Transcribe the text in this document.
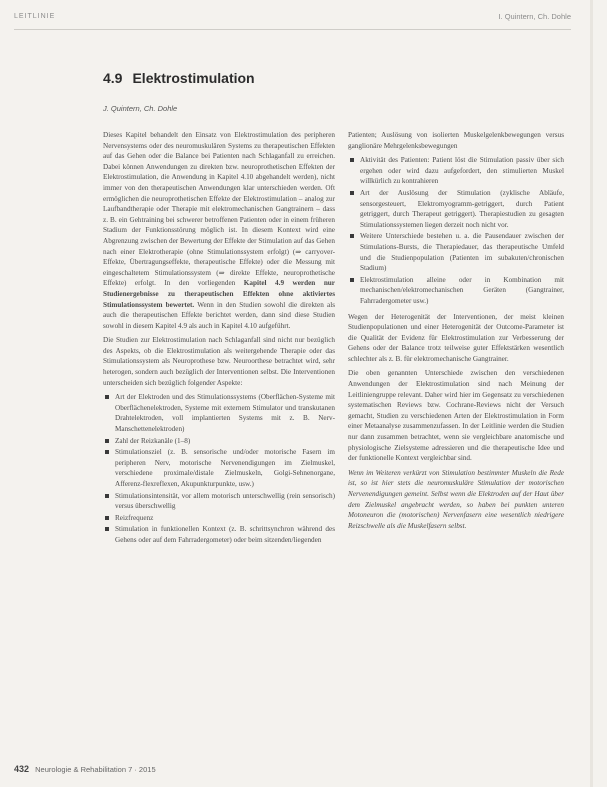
LEITLINIE	I. Quintern, Ch. Dohle
4.9 Elektrostimulation
J. Quintern, Ch. Dohle

Dieses Kapitel behandelt den Einsatz von Elektrostimulation des peripheren Nervensystems oder des neuromuskulären Systems zu therapeutischen Effekten auf das Gehen oder die Balance bei Patienten nach Schlaganfall zu erreichen. Dabei können Anwendungen zu direkten bzw. neuroprothetischen Effekten der Elektrostimulation, die Anwendung in Kapitel 4.10 abgehandelt werden), nicht immer von den therapeutischen Anwendungen klar unterschieden werden. Oft ermöglichen die neuroprothetischen Effekte der Elektrostimulation – analog zur Laufbandtherapie oder Therapie mit elektromechanischen Gangtrainern – dass z. B. ein Gehtraining bei schwerer betroffenen Patienten oder in einem früheren Stadium der Funktionsstörung möglich ist. In diesem Kontext wird eine Abgrenzung zwischen der Bewertung der Effekte der Stimulation auf das Gehen nach einer Elektrotherapie (ohne Stimulationssystem erfolgt) (⇒ carryover-Effekte, Übertragungseffekte, therapeutische Effekte) oder die Messung mit eingeschaltetem Stimulationssystem (⇒ direkte Effekte, neuroprothetische Effekte) erfolgt. In den vorliegenden Kapitel 4.9 werden nur Studienergebnisse zu therapeutischen Effekten ohne aktiviertes Stimulationssystem bewertet. Wenn in den Studien sowohl die direkten als auch die therapeutischen Effekte berichtet werden, dann sind diese Studien sowohl in diesem Kapitel 4.9 als auch in Kapitel 4.10 aufgeführt.

Die Studien zur Elektrostimulation nach Schlaganfall sind nicht nur bezüglich des Aspekts, ob die Elektrostimulation als weitergehende Therapie oder das Stimulationssystem als Neuroprothese bzw. Neuroorthese betrachtet wird, sehr heterogen, sondern auch bezüglich der Interventionen selbst. Die Interventionen unterscheiden sich bezüglich folgender Aspekte:

Art der Elektroden und des Stimulationssystems (Oberflächen-Systeme mit Oberflächenelektroden, Systeme mit externem Stimulator und transkutanen Drahtelektroden, voll implantierten Systems mit z. B. Nerv-Manschettenelektroden)
Zahl der Reizkanäle (1–8)
Stimulationsziel (z. B. sensorische und/oder motorische Fasern im peripheren Nerv, motorische Nervenendigungen im Zielmuskel, verschiedene proximale/distale Zielmuskeln, Golgi-Sehnenorgane, Afferenz-flexreflexen, Akupunkturpunkte, usw.)
Stimulationsintensität, vor allem motorisch unterschwellig (rein sensorisch) versus überschwellig
Reizfrequenz
Stimulation in funktionellen Kontext (z. B. schrittsynchron während des Gehens oder auf dem Fahrradergometer) oder beim sitzenden/liegenden

Patienten; Auslösung von isolierten Muskelgelenkbewegungen versus ganglionäre Mehrgelenksbewegungen

Aktivität des Patienten: Patient löst die Stimulation passiv über sich ergehen oder wird dazu aufgefordert, den stimulierten Muskel willkürlich zu kontrahieren
Art der Auslösung der Stimulation (zyklische Abläufe, sensorgesteuert, Elektromyogramm-getriggert, durch Patient getriggert, durch Therapeut getriggert). Therapiestudien zu gesagten Stimulationssystemen liegen derzeit noch nicht vor.
Weitere Unterschiede bestehen u. a. die Pausendauer zwischen der Stimulations-Bursts, die Therapiedauer, das therapeutische Umfeld und die Studienpopulation (Patienten im subakuten/chronischen Stadium)
Elektrostimulation alleine oder in Kombination mit mechanischen/elektromechanischen Geräten (Gangtrainer, Fahrradergometer usw.)

Wegen der Heterogenität der Interventionen, der meist kleinen Studienpopulationen und einer Heterogenität der Outcome-Parameter ist die Qualität der Evidenz für Elektrostimulation zur Verbesserung der Gehens oder der Balance trotz teilweise guter Effektstärken wesentlich schlechter als z. B. für elektromechanische Gangtrainer.

Die oben genannten Unterschiede zwischen den verschiedenen Anwendungen der Elektrostimulation sind nach Meinung der Leitliniengruppe relevant. Daher wird hier im Gegensatz zu verschiedenen systematischen Reviews bzw. Cochrane-Reviews nicht der Versuch gemacht, Studien zu verschiedenen Arten der Elektrostimulation in Form einer Metaanalyse zusammenzufassen. In der Leitlinie werden die Studien nur dann zusammen betrachtet, wenn sie vergleichbare anatomische und physiologische Zielsysteme adressieren und die therapeutische Idee und der funktionelle Kontext vergleichbar sind.

Wenn im Weiteren verkürzt von Stimulation bestimmter Muskeln die Rede ist, so ist hier stets die neuromuskuläre Stimulation der motorischen Nervenendigungen gemeint. Selbst wenn die Elektroden auf der Haut über dem Zielmuskel angebracht werden, so haben bei punkten unteren Motoneuron die (motorischen) Nervenfasern eine wesentlich niedrigere Reizschwelle als die Muskelfasern selbst.

432 Neurologie & Rehabilitation 7 · 2015
